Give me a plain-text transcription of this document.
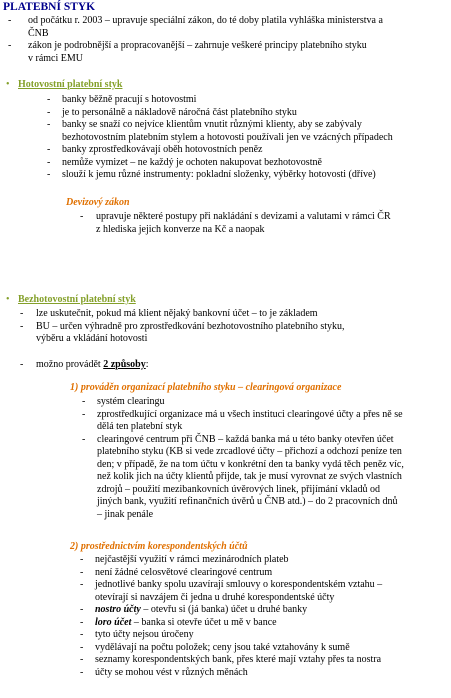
PLATEBNÍ STYK
- od počátku r. 2003 – upravuje speciální zákon, do té doby platila vyhláška ministerstva a
ČNB
- zákon je podrobnější a propracovanější – zahrnuje veškeré principy platebního styku
v rámci EMU
• Hotovostní platební styk
- banky běžně pracují s hotovostmi
- je to personálně a nákladově náročná část platebního styku
- banky se snaží co nejvíce klientům vnutit různými klienty, aby se zabývaly
bezhotovostním platebním stylem a hotovosti používali jen ve vzácných případech
- banky zprostředkovávají oběh hotovostních peněz
- nemůže vymizet – ne každý je ochoten nakupovat bezhotovostně
- slouží k jemu různé instrumenty: pokladní složenky, výběrky hotovosti (dříve)
Devizový zákon
- upravuje některé postupy při nakládání s devizami a valutami v rámci ČR
z hlediska jejich konverze na Kč a naopak
• Bezhotovostní platební styk
- lze uskutečnit, pokud má klient nějaký bankovní účet – to je základem
- BU – určen výhradně pro zprostředkování bezhotovostního platebního styku,
výběru a vkládání hotovosti
- možno provádět 2 způsoby:
1) prováděn organizací platebního styku – clearingová organizace
- systém clearingu
- zprostředkující organizace má u všech instituci clearingové účty a přes ně se
dělá ten platební styk
- clearingové centrum při ČNB – každá banka má u této banky otevřen účet
platebního styku (KB si vede zrcadlové účty – přichozí a odchozí peníze ten
den; v případě, že na tom účtu v konkrétní den ta banky vydá těch peněz víc,
než kolik jich na účty klientů přijde, tak je musí vyrovnat ze svých vlastních
zdrojů – použití mezibankovních úvěrových linek, přijímání vkladů od
jiných bank, využití refinančních úvěrů u ČNB atd.) – do 2 pracovních dnů
– jinak penále
2) prostřednictvím korespondentských účtů
- nejčastější využití v rámci mezinárodních plateb
- není žádné celosvětové clearingové centrum
- jednotlivé banky spolu uzavírají smlouvy o korespondentském vztahu –
otevírají si navzájem či jedna u druhé korespondentské účty
- nostro účty – otevřu si (já banka) účet u druhé banky
- loro účet – banka si otevře účet u mě v bance
- tyto účty nejsou úročeny
- vydělávají na počtu položek; ceny jsou také vztahovány k sumě
- seznamy korespondentských bank, přes které mají vztahy přes ta nostra
- účty se mohou vést v různých měnách
